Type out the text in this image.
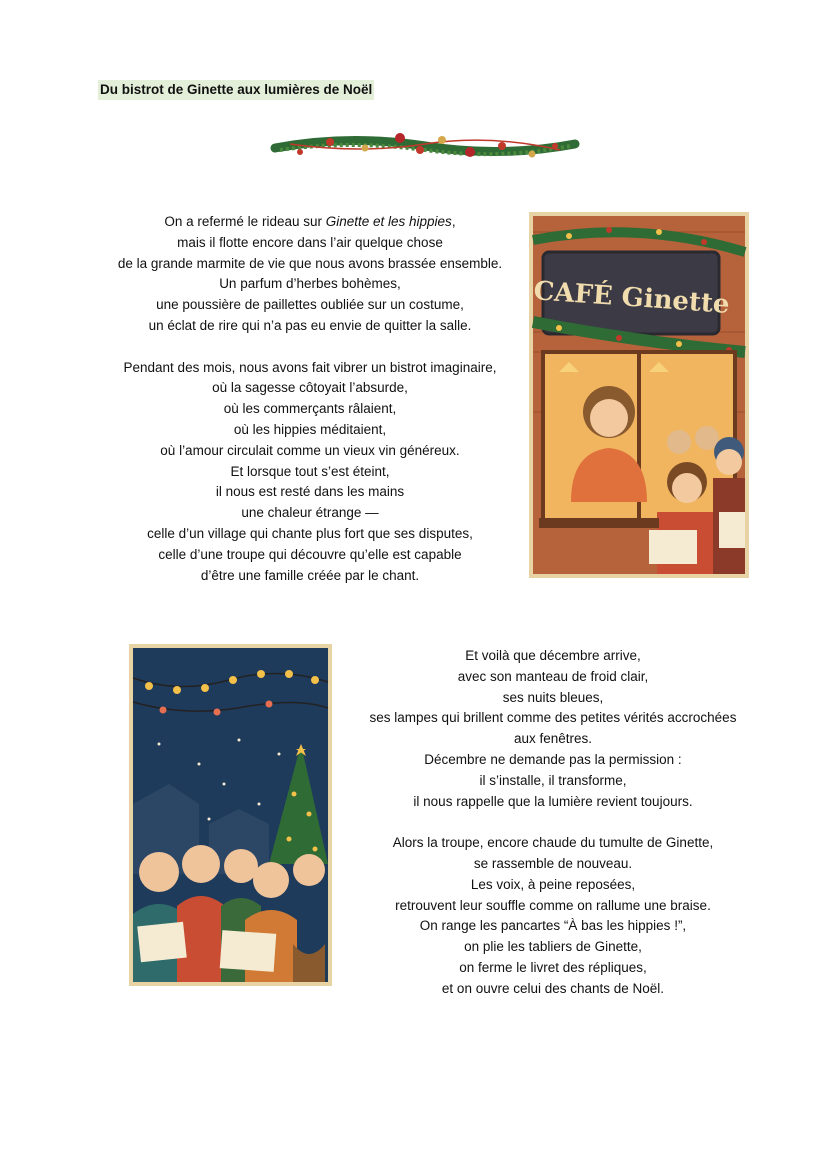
Du bistrot de Ginette aux lumières de Noël

On a refermé le rideau sur Ginette et les hippies,

mais il flotte encore dans l’air quelque chose

de la grande marmite de vie que nous avons brassée ensemble.

Un parfum d’herbes bohèmes,

une poussière de paillettes oubliée sur un costume,

un éclat de rire qui n’a pas eu envie de quitter la salle.

Pendant des mois, nous avons fait vibrer un bistrot imaginaire,

où la sagesse côtoyait l’absurde,

où les commerçants râlaient,

où les hippies méditaient,

où l’amour circulait comme un vieux vin généreux.

Et lorsque tout s’est éteint,

il nous est resté dans les mains

une chaleur étrange —

celle d’un village qui chante plus fort que ses disputes,

celle d’une troupe qui découvre qu’elle est capable

d’être une famille créée par le chant.

CAFÉ Ginette

Et voilà que décembre arrive,

avec son manteau de froid clair,

ses nuits bleues,

ses lampes qui brillent comme des petites vérités accrochées

aux fenêtres.

Décembre ne demande pas la permission :

il s’installe, il transforme,

il nous rappelle que la lumière revient toujours.

Alors la troupe, encore chaude du tumulte de Ginette,

se rassemble de nouveau.

Les voix, à peine reposées,

retrouvent leur souffle comme on rallume une braise.

On range les pancartes “À bas les hippies !”,

on plie les tabliers de Ginette,

on ferme le livret des répliques,

et on ouvre celui des chants de Noël.
